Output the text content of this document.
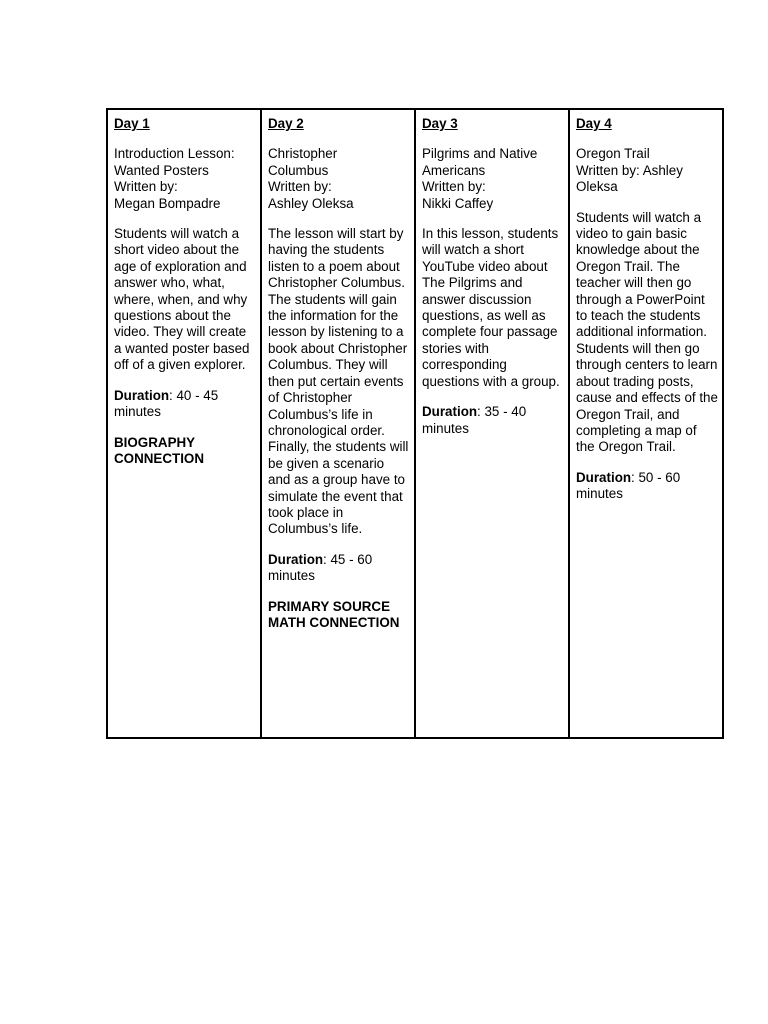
Day 1
Introduction Lesson:
Wanted Posters
Written by:
Megan Bompadre
Students will watch a short video about the age of exploration and answer who, what, where, when, and why questions about the video. They will create a wanted poster based off of a given explorer.
Duration: 40 - 45 minutes
BIOGRAPHY CONNECTION

Day 2
Christopher
Columbus
Written by:
Ashley Oleksa
The lesson will start by having the students listen to a poem about Christopher Columbus. The students will gain the information for the lesson by listening to a book about Christopher Columbus. They will then put certain events of Christopher Columbus’s life in chronological order. Finally, the students will be given a scenario and as a group have to simulate the event that took place in Columbus’s life.
Duration: 45 - 60 minutes
PRIMARY SOURCE MATH CONNECTION

Day 3
Pilgrims and Native
Americans
Written by:
Nikki Caffey
In this lesson, students will watch a short YouTube video about The Pilgrims and answer discussion questions, as well as complete four passage stories with corresponding questions with a group.
Duration: 35 - 40 minutes

Day 4
Oregon Trail
Written by: Ashley
Oleksa
Students will watch a video to gain basic knowledge about the Oregon Trail. The teacher will then go through a PowerPoint to teach the students additional information. Students will then go through centers to learn about trading posts, cause and effects of the Oregon Trail, and completing a map of the Oregon Trail.
Duration: 50 - 60 minutes
